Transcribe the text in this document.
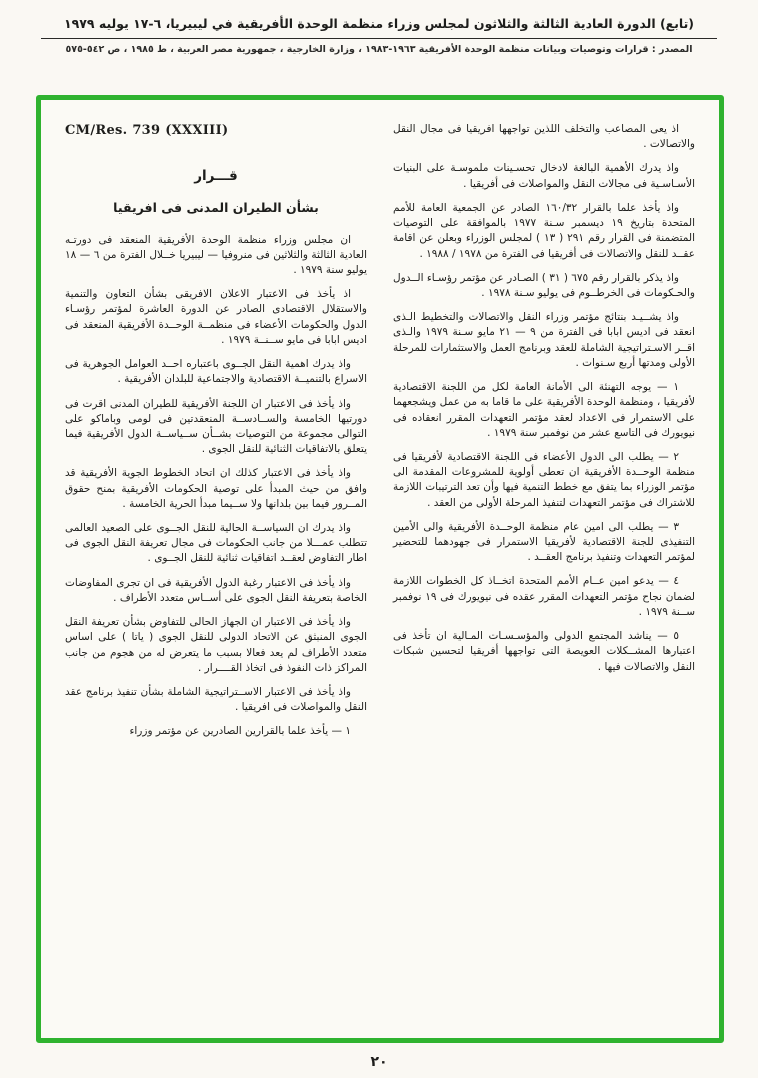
(تابع) الدورة العادية الثالثة والثلاثون لمجلس وزراء منظمة الوحدة الأفريقية في ليبيريا، ٦-١٧ يوليه ١٩٧٩
المصدر : قرارات وتوصيات وبيانات منظمة الوحدة الأفريقية ١٩٦٣-١٩٨٣ ، وزارة الخارجية ، جمهورية مصر العربية ، ط ١٩٨٥ ، ص ٥٤٢-٥٧٥

اذ يعى المصاعب والتخلف اللذين تواجهها افريقيا فى مجال النقل والاتصالات .

واذ يدرك الأهمية البالغة لادخال تحسـينات ملموسـة على البنيات الأسـاسـية فى مجالات النقل والمواصلات فى أفريقيا .

واذ يأخذ علما بالقرار ١٦٠/٣٢ الصادر عن الجمعية العامة للأمم المتحدة بتاريخ ١٩ ديسمبر سـنة ١٩٧٧ بالموافقة على التوصيات المتضمنة فى القرار رقم ٢٩١ ( ١٣ ) لمجلس الوزراء وبعلن عن اقامة عقــد للنقل والاتصالات فى أفريقيا فى الفترة من ١٩٧٨ / ١٩٨٨ .

واذ يذكر بالقرار رقم ٦٧٥ ( ٣١ ) الصـادر عن مؤتمر رؤسـاء الــدول والحـكومات فى الخرطــوم فى يوليو سـنة ١٩٧٨ .

واذ يشــيـد بنتائج مؤتمر وزراء النقل والاتصالات والتخطيط الـذى انعقد فى اديس ابابا فى الفترة من ٩ — ٢١ مايو سـنة ١٩٧٩ والـذى اقــر الاسـتراتيجية الشاملة للعقد وبرنامج العمل والاستثمارات للمرحلة الأولى ومدتها أربع سـنوات .

١ — يوجه التهنئة الى الأمانة العامة لكل من اللجنة الاقتصادية لأفريقيا ، ومنظمة الوحدة الأفريقية على ما قاما به من عمل ويشجعهما على الاستمرار فى الاعداد لعقد مؤتمر التعهدات المقرر انعقاده فى نيويورك فى التاسع عشر من نوفمبر سنة ١٩٧٩ .

٢ — يطلب الى الدول الأعضاء فى اللجنة الاقتصادية لأفريقيا فى منظمة الوحــدة الأفريقية ان تعطى أولوية للمشروعات المقدمة الى مؤتمر الوزراء بما يتفق مع خطط التنمية فيها وأن تعد الترتيبات اللازمة للاشتراك فى مؤتمر التعهدات لتنفيذ المرحلة الأولى من العقد .

٣ — يطلب الى امين عام منظمة الوحــدة الأفريقية والى الأمين التنفيذى للجنة الاقتصادية لأفريقيا الاستمرار فى جهودهما للتحضير لمؤتمر التعهدات وتنفيذ برنامج العقــد .

٤ — يدعو امين عــام الأمم المتحدة اتخــاذ كل الخطوات اللازمة لضمان نجاح مؤتمر التعهدات المقرر عقده فى نيويورك فى ١٩ نوفمبر ســنة ١٩٧٩ .

٥ — يناشد المجتمع الدولى والمؤسـسـات المـالية ان تأخذ فى اعتبارها المشــكلات العويصة التى تواجهها أفريقيا لتحسين شبكات النقل والاتصالات فيها .

CM/Res. 739 (XXXIII)
قـــرار
بشأن الطيران المدنى فى افريقيا

ان مجلس وزراء منظمة الوحدة الأفريقية المنعقد فى دورتـه العادية الثالثة والثلاثين فى منروفيا — ليبيريا خــلال الفترة من ٦ — ١٨ يوليو سنة ١٩٧٩ .

اذ يأخذ فى الاعتبار الاعلان الافريقى بشأن التعاون والتنمية والاستقلال الاقتصادى الصادر عن الدورة العاشرة لمؤتمر رؤسـاء الدول والحكومات الأعضاء فى منظمــة الوحــدة الأفريقية المنعقد فى اديس ابابا فى مايو ســنــة ١٩٧٩ .

واذ يدرك اهمية النقل الجــوى باعتباره احــد العوامل الجوهرية فى الاسراع بالتنميــة الاقتصادية والاجتماعية للبلدان الأفريقية .

واذ يأخذ فى الاعتبار ان اللجنة الأفريقية للطيران المدنى اقرت فى دورتيها الخامسة والســادســة المنعقدتين فى لومى وباماكو على التوالى مجموعة من التوصيات بشــأن ســياســة الدول الأفريقية فيما يتعلق بالاتفاقيات الثنائية للنقل الجوى .

واذ يأخذ فى الاعتبار كذلك ان اتحاد الخطوط الجوية الأفريقية قد وافق من حيث المبدأ على توصية الحكومات الأفريقية بمنح حقوق المــرور فيما بين بلدانها ولا ســيما مبدأ الحرية الخامسة .

واذ يدرك ان السياســة الحالية للنقل الجــوى على الصعيد العالمى تتطلب عمـــلا من جانب الحكومات فى مجال تعريفة النقل الجوى فى اطار التفاوض لعقــد اتفاقيات ثنائية للنقل الجــوى .

واذ يأخذ فى الاعتبار رغبة الدول الأفريقية فى ان تجرى المفاوضات الخاصة بتعريفة النقل الجوى على أســاس متعدد الأطراف .

واذ يأخذ فى الاعتبار ان الجهاز الحالى للتفاوض بشأن تعريفة النقل الجوى المنبثق عن الاتحاد الدولى للنقل الجوى ( ياتا ) على اساس متعدد الأطراف لم يعد فعالا بسبب ما يتعرض له من هجوم من جانب المراكز ذات النفوذ فى اتخاذ القــــرار .

واذ يأخذ فى الاعتبار الاســتراتيجية الشاملة بشأن تنفيذ برنامج عقد النقل والمواصلات فى افريقيا .

١ — يأخذ علما بالقرارين الصادرين عن مؤتمر وزراء

٢٠
